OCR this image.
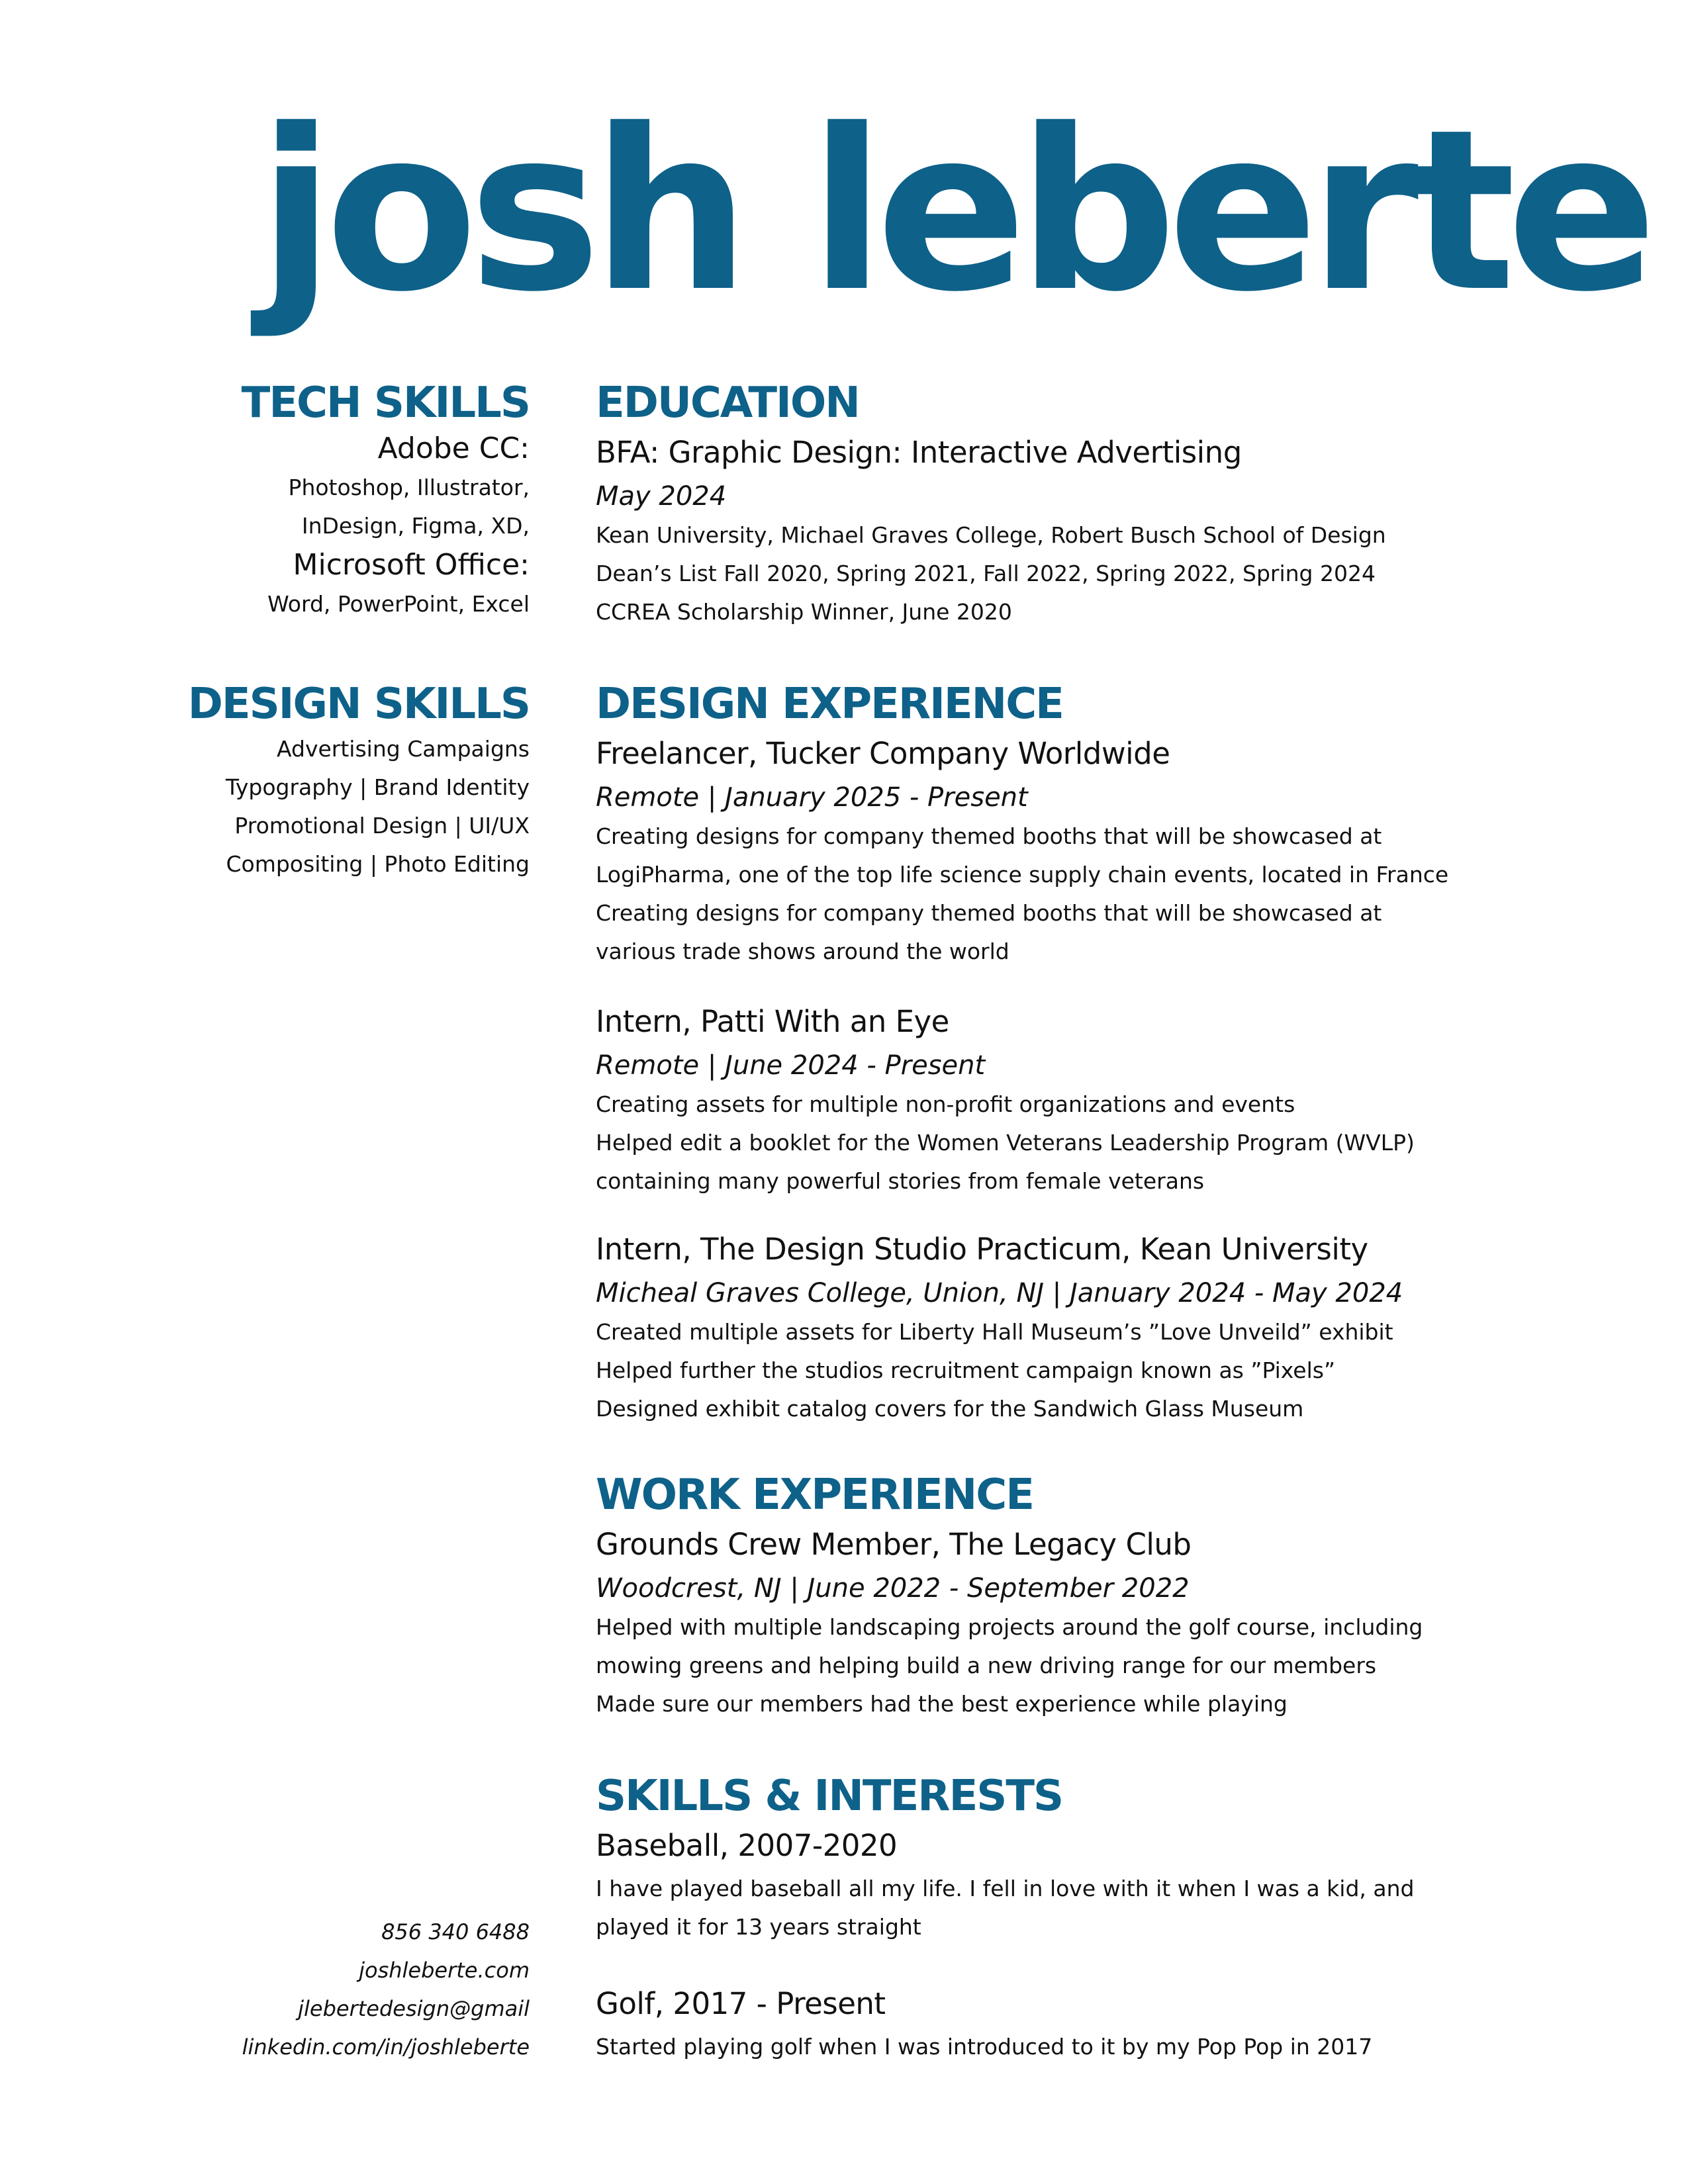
josh leberte
TECH SKILLS
Adobe CC:
Photoshop, Illustrator,
InDesign, Figma, XD,
Microsoft Office:
Word, PowerPoint, Excel
DESIGN SKILLS
Advertising Campaigns
Typography | Brand Identity
Promotional Design | UI/UX
Compositing | Photo Editing
856 340 6488
joshleberte.com
jlebertedesign@gmail
linkedin.com/in/joshleberte
EDUCATION
BFA: Graphic Design: Interactive Advertising
May 2024
Kean University, Michael Graves College, Robert Busch School of Design
Dean’s List Fall 2020, Spring 2021, Fall 2022, Spring 2022, Spring 2024
CCREA Scholarship Winner, June 2020
DESIGN EXPERIENCE
Freelancer, Tucker Company Worldwide
Remote | January 2025 - Present
Creating designs for company themed booths that will be showcased at
LogiPharma, one of the top life science supply chain events, located in France
Creating designs for company themed booths that will be showcased at
various trade shows around the world
Intern, Patti With an Eye
Remote | June 2024 - Present
Creating assets for multiple non-profit organizations and events
Helped edit a booklet for the Women Veterans Leadership Program (WVLP)
containing many powerful stories from female veterans
Intern, The Design Studio Practicum, Kean University
Micheal Graves College, Union, NJ | January 2024 - May 2024
Created multiple assets for Liberty Hall Museum’s ”Love Unveild” exhibit
Helped further the studios recruitment campaign known as ”Pixels”
Designed exhibit catalog covers for the Sandwich Glass Museum
WORK EXPERIENCE
Grounds Crew Member, The Legacy Club
Woodcrest, NJ | June 2022 - September 2022
Helped with multiple landscaping projects around the golf course, including
mowing greens and helping build a new driving range for our members
Made sure our members had the best experience while playing
SKILLS & INTERESTS
Baseball, 2007-2020
I have played baseball all my life. I fell in love with it when I was a kid, and
played it for 13 years straight
Golf, 2017 - Present
Started playing golf when I was introduced to it by my Pop Pop in 2017
